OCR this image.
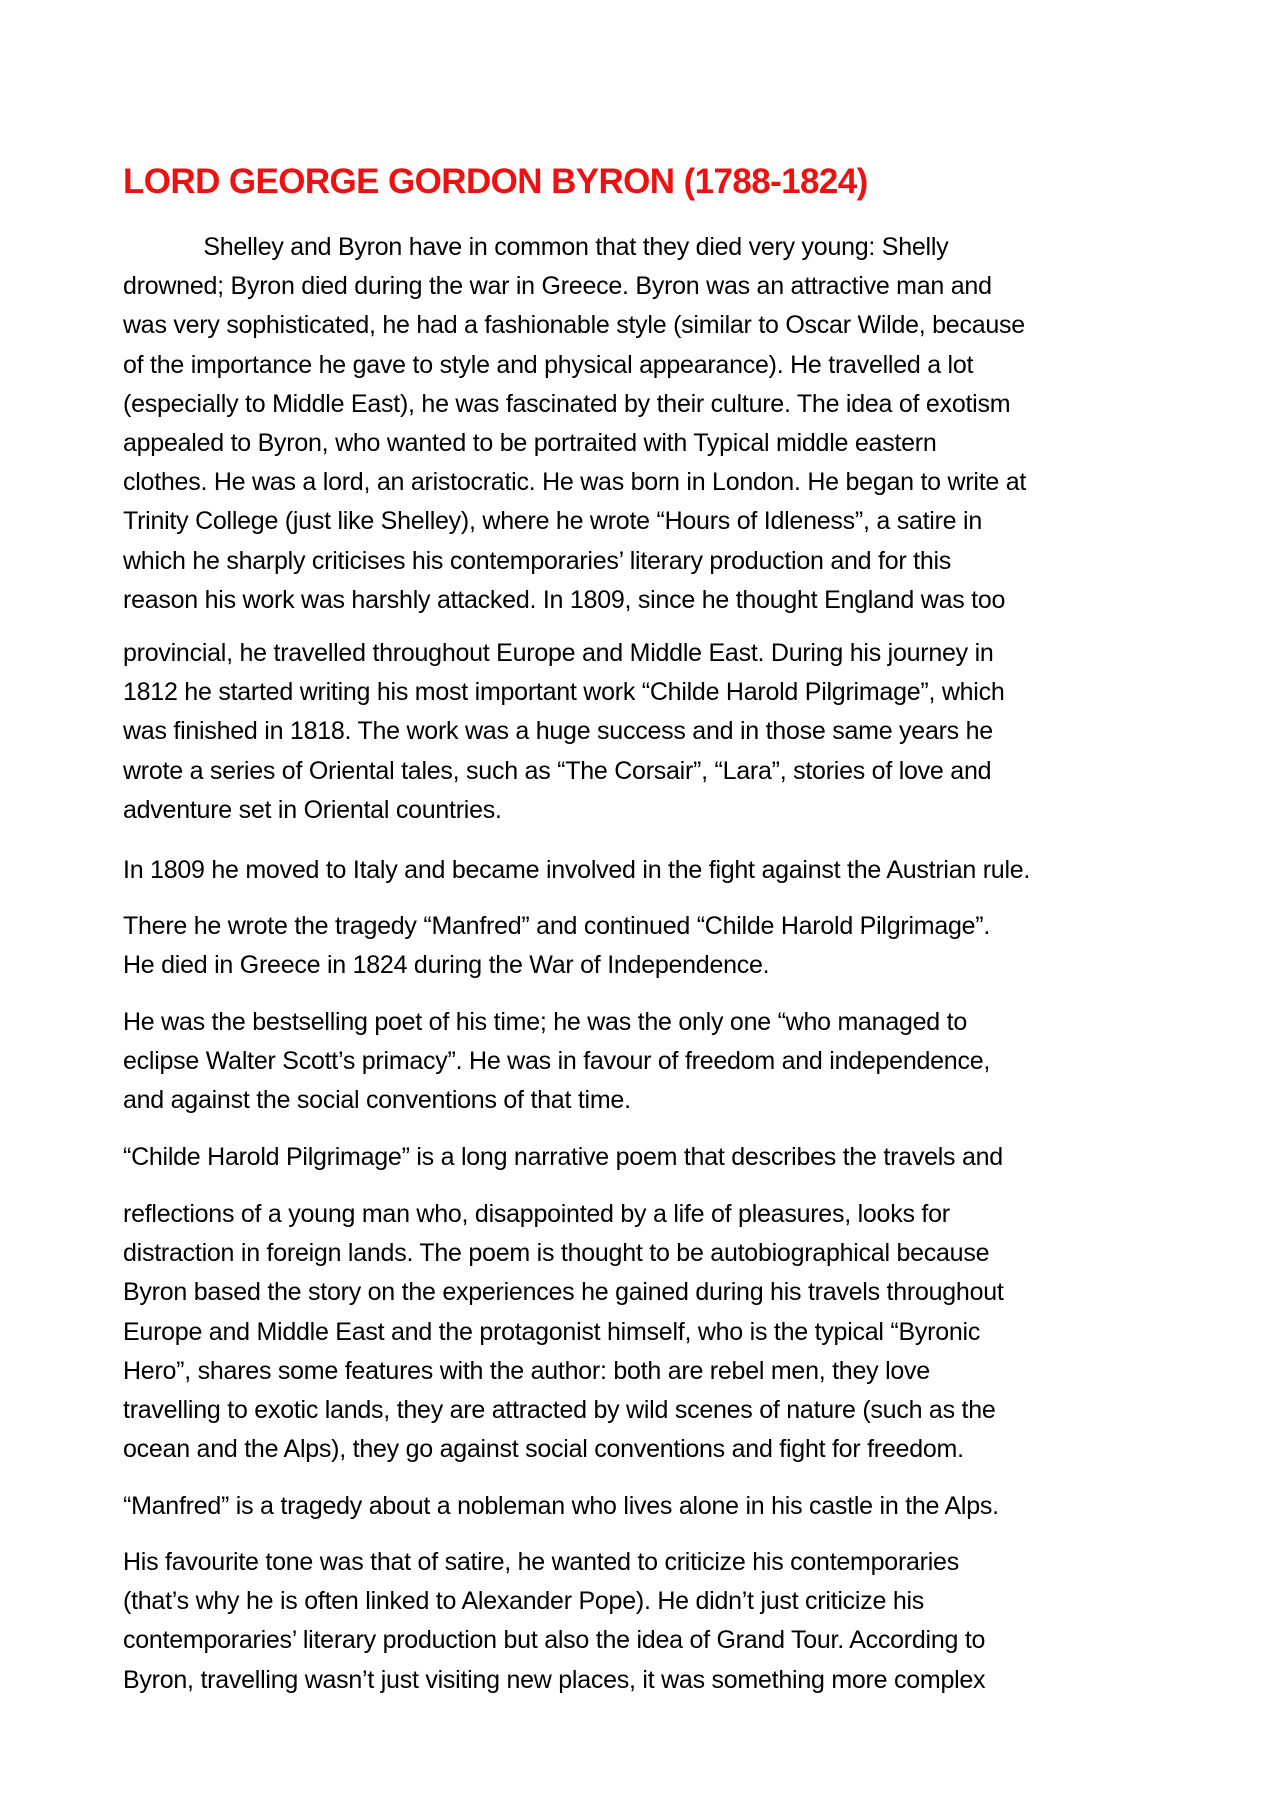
LORD GEORGE GORDON BYRON (1788-1824)

Shelley and Byron have in common that they died very young: Shelly
drowned; Byron died during the war in Greece. Byron was an attractive man and
was very sophisticated, he had a fashionable style (similar to Oscar Wilde, because
of the importance he gave to style and physical appearance). He travelled a lot
(especially to Middle East), he was fascinated by their culture. The idea of exotism
appealed to Byron, who wanted to be portraited with Typical middle eastern
clothes. He was a lord, an aristocratic. He was born in London. He began to write at
Trinity College (just like Shelley), where he wrote “Hours of Idleness”, a satire in
which he sharply criticises his contemporaries’ literary production and for this
reason his work was harshly attacked. In 1809, since he thought England was too

provincial, he travelled throughout Europe and Middle East. During his journey in
1812 he started writing his most important work “Childe Harold Pilgrimage”, which
was finished in 1818. The work was a huge success and in those same years he
wrote a series of Oriental tales, such as “The Corsair”, “Lara”, stories of love and
adventure set in Oriental countries.

In 1809 he moved to Italy and became involved in the fight against the Austrian rule.

There he wrote the tragedy “Manfred” and continued “Childe Harold Pilgrimage”.
He died in Greece in 1824 during the War of Independence.

He was the bestselling poet of his time; he was the only one “who managed to
eclipse Walter Scott’s primacy”. He was in favour of freedom and independence,
and against the social conventions of that time.

“Childe Harold Pilgrimage” is a long narrative poem that describes the travels and

reflections of a young man who, disappointed by a life of pleasures, looks for
distraction in foreign lands. The poem is thought to be autobiographical because
Byron based the story on the experiences he gained during his travels throughout
Europe and Middle East and the protagonist himself, who is the typical “Byronic
Hero”, shares some features with the author: both are rebel men, they love
travelling to exotic lands, they are attracted by wild scenes of nature (such as the
ocean and the Alps), they go against social conventions and fight for freedom.

“Manfred” is a tragedy about a nobleman who lives alone in his castle in the Alps.

His favourite tone was that of satire, he wanted to criticize his contemporaries
(that’s why he is often linked to Alexander Pope). He didn’t just criticize his
contemporaries’ literary production but also the idea of Grand Tour. According to
Byron, travelling wasn’t just visiting new places, it was something more complex
